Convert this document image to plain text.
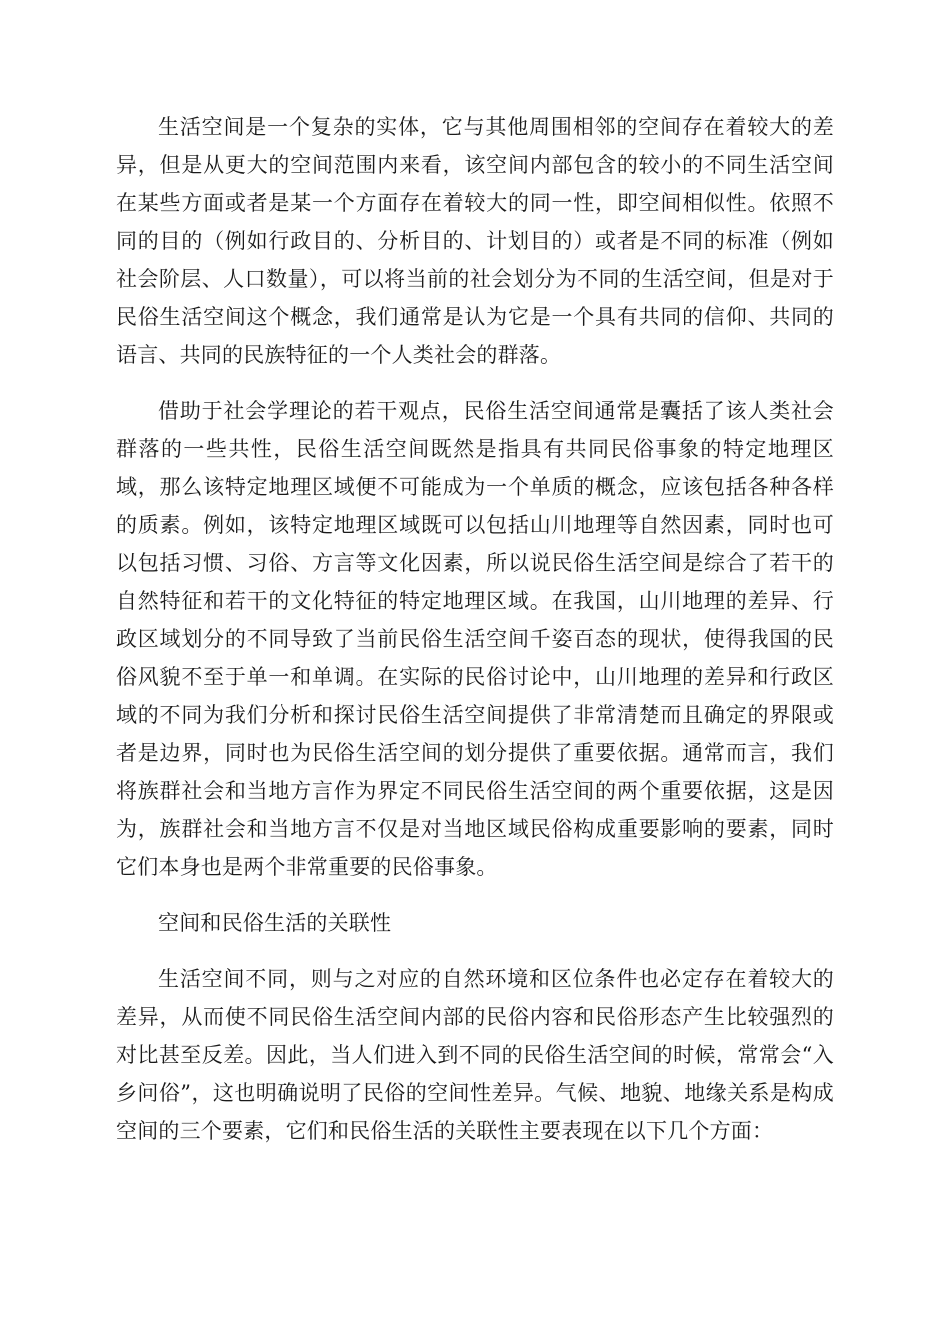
生活空间是一个复杂的实体，它与其他周围相邻的空间存在着较大的差异，但是从更大的空间范围内来看，该空间内部包含的较小的不同生活空间在某些方面或者是某一个方面存在着较大的同一性，即空间相似性。依照不同的目的（例如行政目的、分析目的、计划目的）或者是不同的标准（例如社会阶层、人口数量），可以将当前的社会划分为不同的生活空间，但是对于民俗生活空间这个概念，我们通常是认为它是一个具有共同的信仰、共同的语言、共同的民族特征的一个人类社会的群落。

借助于社会学理论的若干观点，民俗生活空间通常是囊括了该人类社会群落的一些共性，民俗生活空间既然是指具有共同民俗事象的特定地理区域，那么该特定地理区域便不可能成为一个单质的概念，应该包括各种各样的质素。例如，该特定地理区域既可以包括山川地理等自然因素，同时也可以包括习惯、习俗、方言等文化因素，所以说民俗生活空间是综合了若干的自然特征和若干的文化特征的特定地理区域。在我国，山川地理的差异、行政区域划分的不同导致了当前民俗生活空间千姿百态的现状，使得我国的民俗风貌不至于单一和单调。在实际的民俗讨论中，山川地理的差异和行政区域的不同为我们分析和探讨民俗生活空间提供了非常清楚而且确定的界限或者是边界，同时也为民俗生活空间的划分提供了重要依据。通常而言，我们将族群社会和当地方言作为界定不同民俗生活空间的两个重要依据，这是因为，族群社会和当地方言不仅是对当地区域民俗构成重要影响的要素，同时它们本身也是两个非常重要的民俗事象。

空间和民俗生活的关联性

生活空间不同，则与之对应的自然环境和区位条件也必定存在着较大的差异，从而使不同民俗生活空间内部的民俗内容和民俗形态产生比较强烈的对比甚至反差。因此，当人们进入到不同的民俗生活空间的时候，常常会“入乡问俗”，这也明确说明了民俗的空间性差异。气候、地貌、地缘关系是构成空间的三个要素，它们和民俗生活的关联性主要表现在以下几个方面：
